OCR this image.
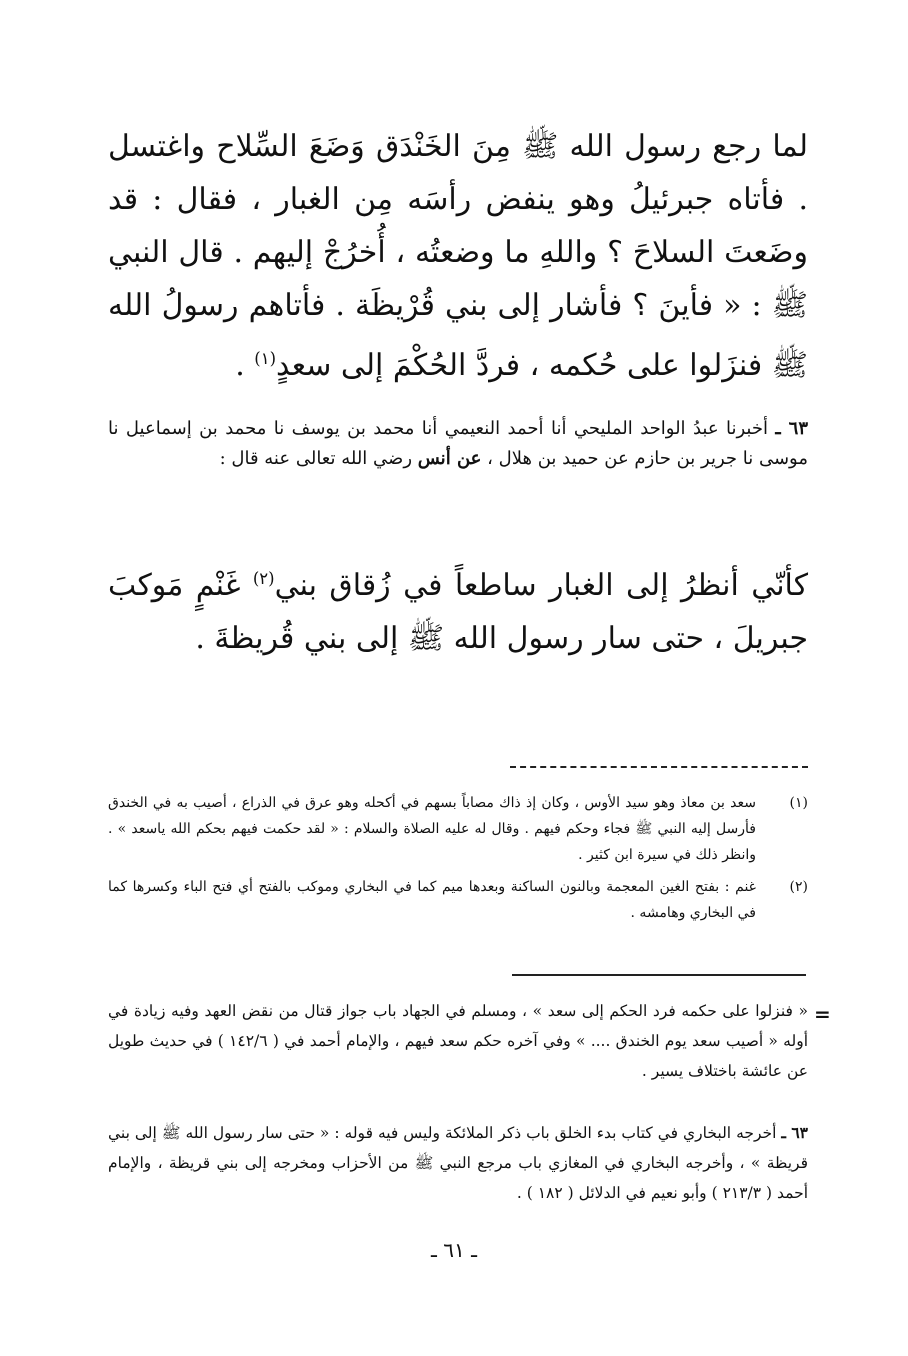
لما رجع رسول الله ﷺ مِنَ الخَنْدَق وَضَعَ السِّلاح واغتسل . فأتاه جبرئيلُ وهو ينفض رأسَه مِن الغبار ، فقال : قد وضَعتَ السلاحَ ؟ واللهِ ما وضعتُه ، أُخرُجْ إليهم . قال النبي ﷺ : « فأينَ ؟ فأشار إلى بني قُرْيظَة . فأتاهم رسولُ الله ﷺ فنزَلوا على حُكمه ، فردَّ الحُكْمَ إلى سعدٍ$^{(١)}$ .
٦٣ ـ أخبرنا عبدُ الواحد المليحي أنا أحمد النعيمي أنا محمد بن يوسف نا محمد بن إسماعيل نا موسى نا جرير بن حازم عن حميد بن هلال ، عن أنس رضي الله تعالى عنه قال :
كأنّي أنظرُ إلى الغبار ساطعاً في زُقاق بني$^{(٢)}$ غَنْمٍ مَوكبَ جبريلَ ، حتى سار رسول الله ﷺ إلى بني قُريظةَ .
(١)
سعد بن معاذ وهو سيد الأوس ، وكان إذ ذاك مصاباً بسهم في أكحله وهو عرق في الذراع ، أصيب به في الخندق فأرسل إليه النبي ﷺ فجاء وحكم فيهم . وقال له عليه الصلاة والسلام : « لقد حكمت فيهم بحكم الله ياسعد » . وانظر ذلك في سيرة ابن كثير .
(٢)
غنم : بفتح الغين المعجمة وبالنون الساكنة وبعدها ميم كما في البخاري وموكب بالفتح أي فتح الباء وكسرها كما في البخاري وهامشه .
=
« فنزلوا على حكمه فرد الحكم إلى سعد » ، ومسلم في الجهاد باب جواز قتال من نقض العهد وفيه زيادة في أوله « أصيب سعد يوم الخندق .... » وفي آخره حكم سعد فيهم ، والإمام أحمد في ( ١٤٢/٦ ) في حديث طويل عن عائشة باختلاف يسير .
٦٣ ـ أخرجه البخاري في كتاب بدء الخلق باب ذكر الملائكة وليس فيه قوله : « حتى سار رسول الله ﷺ إلى بني قريظة » ، وأخرجه البخاري في المغازي باب مرجع النبي ﷺ من الأحزاب ومخرجه إلى بني قريظة ، والإمام أحمد ( ٢١٣/٣ ) وأبو نعيم في الدلائل ( ١٨٢ ) .
ـ ٦١ ـ
